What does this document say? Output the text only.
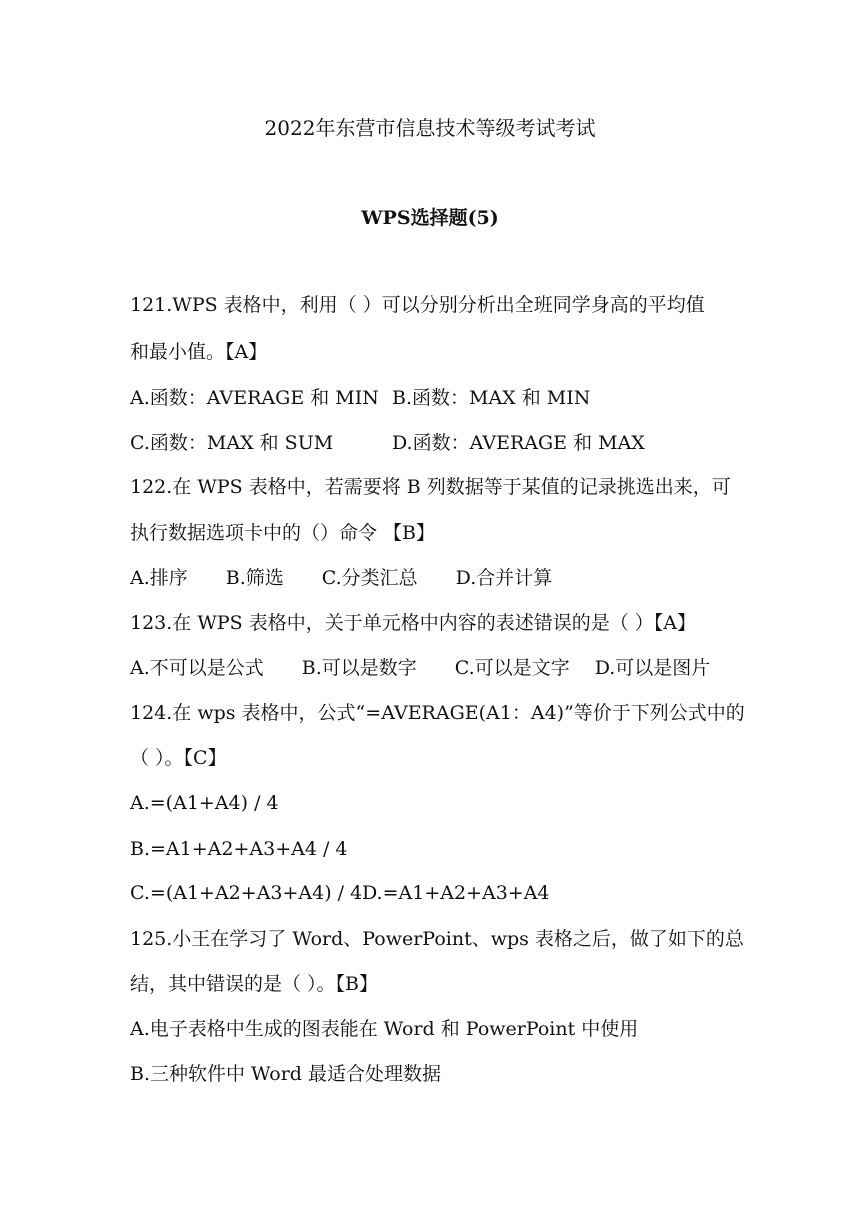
2022年东营市信息技术等级考试考试
WPS选择题(5)
121.WPS 表格中，利用（ ）可以分别分析出全班同学身高的平均值
和最小值。【A】
A.函数：AVERAGE 和 MIN B.函数：MAX 和 MIN
C.函数：MAX 和 SUM	D.函数：AVERAGE 和 MAX
122.在 WPS 表格中，若需要将 B 列数据等于某值的记录挑选出来，可
执行数据选项卡中的（）命令 【B】
A.排序　　B.筛选　　C.分类汇总　　D.合并计算
123.在 WPS 表格中，关于单元格中内容的表述错误的是（ ）【A】
A.不可以是公式　　B.可以是数字　　C.可以是文字　 D.可以是图片
124.在 wps 表格中，公式“=AVERAGE(A1：A4)”等价于下列公式中的
（ ）。【C】
A.=(A1+A4) / 4
B.=A1+A2+A3+A4 / 4
C.=(A1+A2+A3+A4) / 4 D.=A1+A2+A3+A4
125.小王在学习了 Word、PowerPoint、wps 表格之后，做了如下的总
结，其中错误的是（ ）。【B】
A.电子表格中生成的图表能在 Word 和 PowerPoint 中使用
B.三种软件中 Word 最适合处理数据
